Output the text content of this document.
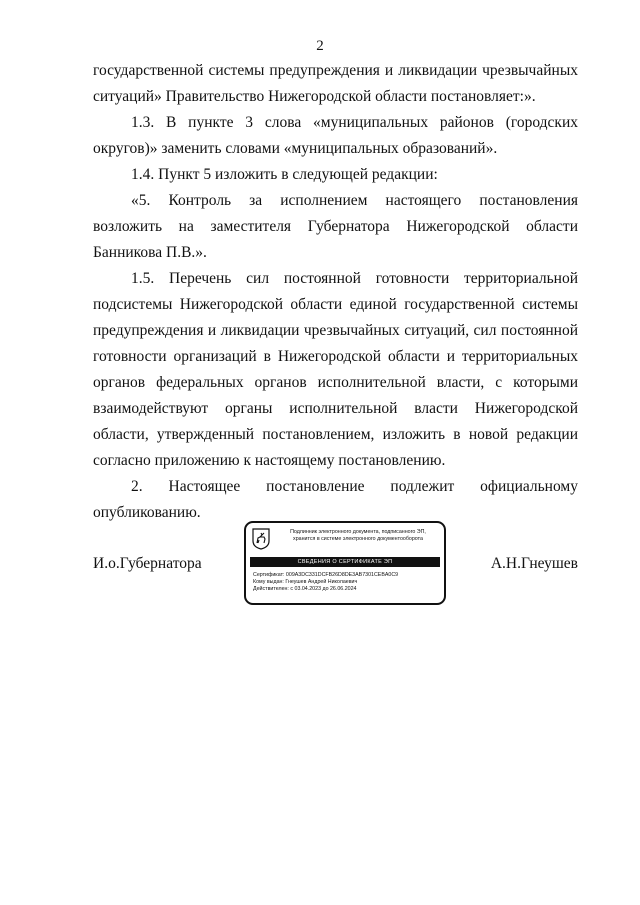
2

государственной системы предупреждения и ликвидации чрезвычайных ситуаций» Правительство Нижегородской области постановляет:».

1.3. В пункте 3 слова «муниципальных районов (городских округов)» заменить словами «муниципальных образований».

1.4. Пункт 5 изложить в следующей редакции:

«5. Контроль за исполнением настоящего постановления возложить на заместителя Губернатора Нижегородской области Банникова П.В.».

1.5. Перечень сил постоянной готовности территориальной подсистемы Нижегородской области единой государственной системы предупреждения и ликвидации чрезвычайных ситуаций, сил постоянной готовности организаций в Нижегородской области и территориальных органов федеральных органов исполнительной власти, с которыми взаимодействуют органы исполнительной власти Нижегородской области, утвержденный постановлением, изложить в новой редакции согласно приложению к настоящему постановлению.

2. Настоящее постановление подлежит официальному опубликованию.

И.о.Губернатора	А.Н.Гнеушев
Подлинник электронного документа, подписанного ЭП,
хранится в системе электронного документооборота
СВЕДЕНИЯ О СЕРТИФИКАТЕ ЭП
Сертификат: 009A3DC331DCFB26D8DE3AB7301CEBA0C9
Кому выдан: Гнеушев Андрей Николаевич
Действителен: с 03.04.2023 до 26.06.2024
